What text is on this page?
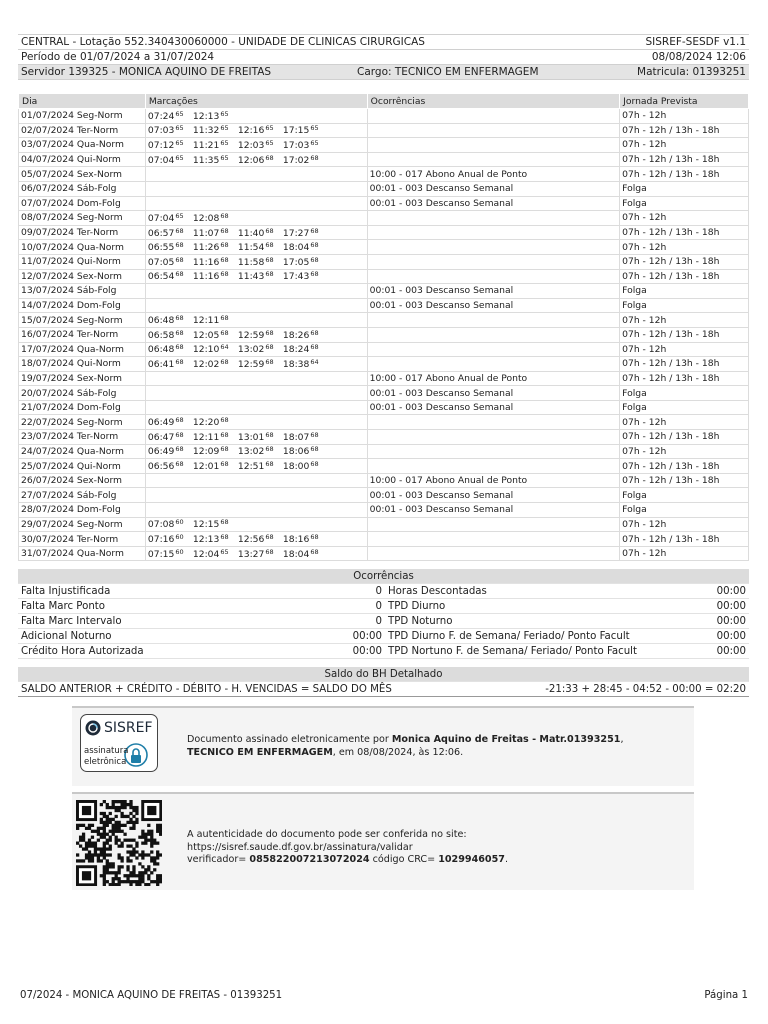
CENTRAL - Lotação 552.340430060000 - UNIDADE DE CLINICAS CIRURGICAS	SISREF-SESDF v1.1
Período de 01/07/2024 a 31/07/2024	08/08/2024 12:06
Servidor 139325 - MONICA AQUINO DE FREITAS	Cargo: TECNICO EM ENFERMAGEM	Matricula: 01393251
Dia	Marcações	Ocorrências	Jornada Prevista
01/07/2024 Seg-Norm	$07:24^{65}$ $12:13^{65}$		07h - 12h
02/07/2024 Ter-Norm	$07:03^{65}$ $11:32^{65}$ $12:16^{65}$ $17:15^{65}$		07h - 12h / 13h - 18h
03/07/2024 Qua-Norm	$07:12^{65}$ $11:21^{65}$ $12:03^{65}$ $17:03^{65}$		07h - 12h
04/07/2024 Qui-Norm	$07:04^{65}$ $11:35^{65}$ $12:06^{68}$ $17:02^{68}$		07h - 12h / 13h - 18h
05/07/2024 Sex-Norm		10:00 - 017 Abono Anual de Ponto	07h - 12h / 13h - 18h
06/07/2024 Sáb-Folg		00:01 - 003 Descanso Semanal	Folga
07/07/2024 Dom-Folg		00:01 - 003 Descanso Semanal	Folga
08/07/2024 Seg-Norm	$07:04^{65}$ $12:08^{68}$		07h - 12h
09/07/2024 Ter-Norm	$06:57^{68}$ $11:07^{68}$ $11:40^{68}$ $17:27^{68}$		07h - 12h / 13h - 18h
10/07/2024 Qua-Norm	$06:55^{68}$ $11:26^{68}$ $11:54^{68}$ $18:04^{68}$		07h - 12h
11/07/2024 Qui-Norm	$07:05^{68}$ $11:16^{68}$ $11:58^{68}$ $17:05^{68}$		07h - 12h / 13h - 18h
12/07/2024 Sex-Norm	$06:54^{68}$ $11:16^{68}$ $11:43^{68}$ $17:43^{68}$		07h - 12h / 13h - 18h
13/07/2024 Sáb-Folg		00:01 - 003 Descanso Semanal	Folga
14/07/2024 Dom-Folg		00:01 - 003 Descanso Semanal	Folga
15/07/2024 Seg-Norm	$06:48^{68}$ $12:11^{68}$		07h - 12h
16/07/2024 Ter-Norm	$06:58^{68}$ $12:05^{68}$ $12:59^{68}$ $18:26^{68}$		07h - 12h / 13h - 18h
17/07/2024 Qua-Norm	$06:48^{68}$ $12:10^{64}$ $13:02^{68}$ $18:24^{68}$		07h - 12h
18/07/2024 Qui-Norm	$06:41^{68}$ $12:02^{68}$ $12:59^{68}$ $18:38^{64}$		07h - 12h / 13h - 18h
19/07/2024 Sex-Norm		10:00 - 017 Abono Anual de Ponto	07h - 12h / 13h - 18h
20/07/2024 Sáb-Folg		00:01 - 003 Descanso Semanal	Folga
21/07/2024 Dom-Folg		00:01 - 003 Descanso Semanal	Folga
22/07/2024 Seg-Norm	$06:49^{68}$ $12:20^{68}$		07h - 12h
23/07/2024 Ter-Norm	$06:47^{68}$ $12:11^{68}$ $13:01^{68}$ $18:07^{68}$		07h - 12h / 13h - 18h
24/07/2024 Qua-Norm	$06:49^{68}$ $12:09^{68}$ $13:02^{68}$ $18:06^{68}$		07h - 12h
25/07/2024 Qui-Norm	$06:56^{68}$ $12:01^{68}$ $12:51^{68}$ $18:00^{68}$		07h - 12h / 13h - 18h
26/07/2024 Sex-Norm		10:00 - 017 Abono Anual de Ponto	07h - 12h / 13h - 18h
27/07/2024 Sáb-Folg		00:01 - 003 Descanso Semanal	Folga
28/07/2024 Dom-Folg		00:01 - 003 Descanso Semanal	Folga
29/07/2024 Seg-Norm	$07:08^{60}$ $12:15^{68}$		07h - 12h
30/07/2024 Ter-Norm	$07:16^{60}$ $12:13^{68}$ $12:56^{68}$ $18:16^{68}$		07h - 12h / 13h - 18h
31/07/2024 Qua-Norm	$07:15^{60}$ $12:04^{65}$ $13:27^{68}$ $18:04^{68}$		07h - 12h
Ocorrências			
Falta Injustificada	0	Horas Descontadas	00:00
Falta Marc Ponto	0	TPD Diurno	00:00
Falta Marc Intervalo	0	TPD Noturno	00:00
Adicional Noturno	00:00	TPD Diurno F. de Semana/ Feriado/ Ponto Facult	00:00
Crédito Hora Autorizada	00:00	TPD Nortuno F. de Semana/ Feriado/ Ponto Facult	00:00
Saldo do BH Detalhado
SALDO ANTERIOR + CRÉDITO - DÉBITO - H. VENCIDAS = SALDO DO MÊS	-21:33 + 28:45 - 04:52 - 00:00 = 02:20
SISREF
assinatura
eletrônica
Documento assinado eletronicamente por Monica Aquino de Freitas - Matr.01393251,
TECNICO EM ENFERMAGEM, em 08/08/2024, às 12:06.
A autenticidade do documento pode ser conferida no site:
https://sisref.saude.df.gov.br/assinatura/validar
verificador= 085822007213072024 código CRC= 1029946057.
07/2024 - MONICA AQUINO DE FREITAS - 01393251	Página 1
